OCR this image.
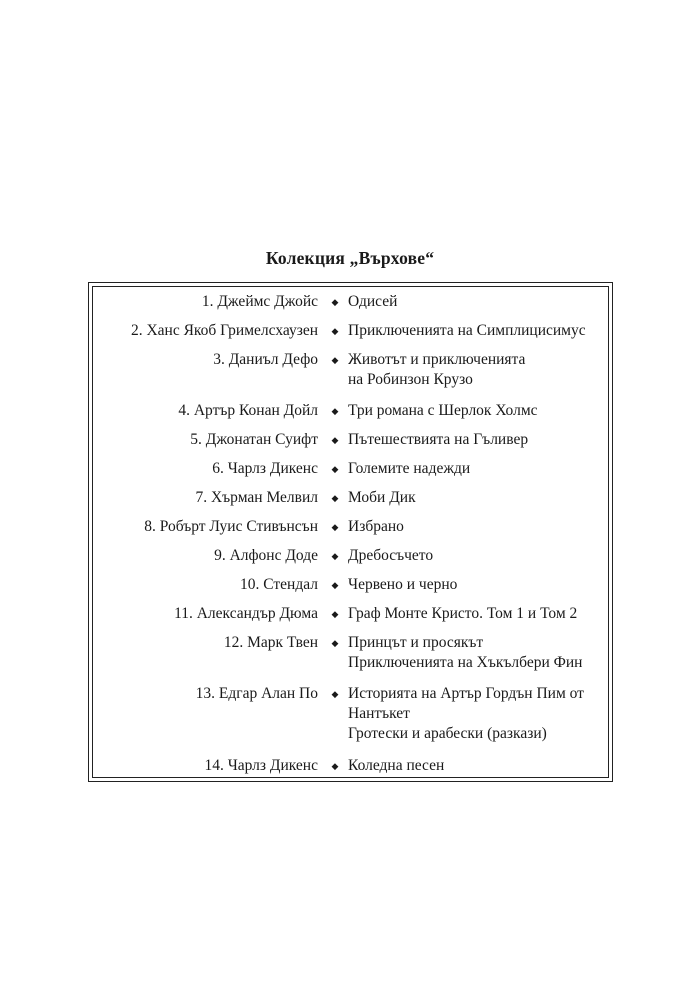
Колекция „Върхове“
1. Джеймс Джойс ◆ Одисей
2. Ханс Якоб Гримелсхаузен ◆ Приключенията на Симплицисимус
3. Даниъл Дефо ◆ Животът и приключенията
на Робинзон Крузо
4. Артър Конан Дойл ◆ Три романа с Шерлок Холмс
5. Джонатан Суифт ◆ Пътешествията на Гъливер
6. Чарлз Дикенс ◆ Големите надежди
7. Хърман Мелвил ◆ Моби Дик
8. Робърт Луис Стивънсън ◆ Избрано
9. Алфонс Доде ◆ Дребосъчето
10. Стендал ◆ Червено и черно
11. Александър Дюма ◆ Граф Монте Кристо. Том 1 и Том 2
12. Марк Твен ◆ Принцът и просякът
Приключенията на Хъкълбери Фин
13. Едгар Алан По ◆ Историята на Артър Гордън Пим от
Нантъкет
Гротески и арабески (разкази)
14. Чарлз Дикенс ◆ Коледна песен
